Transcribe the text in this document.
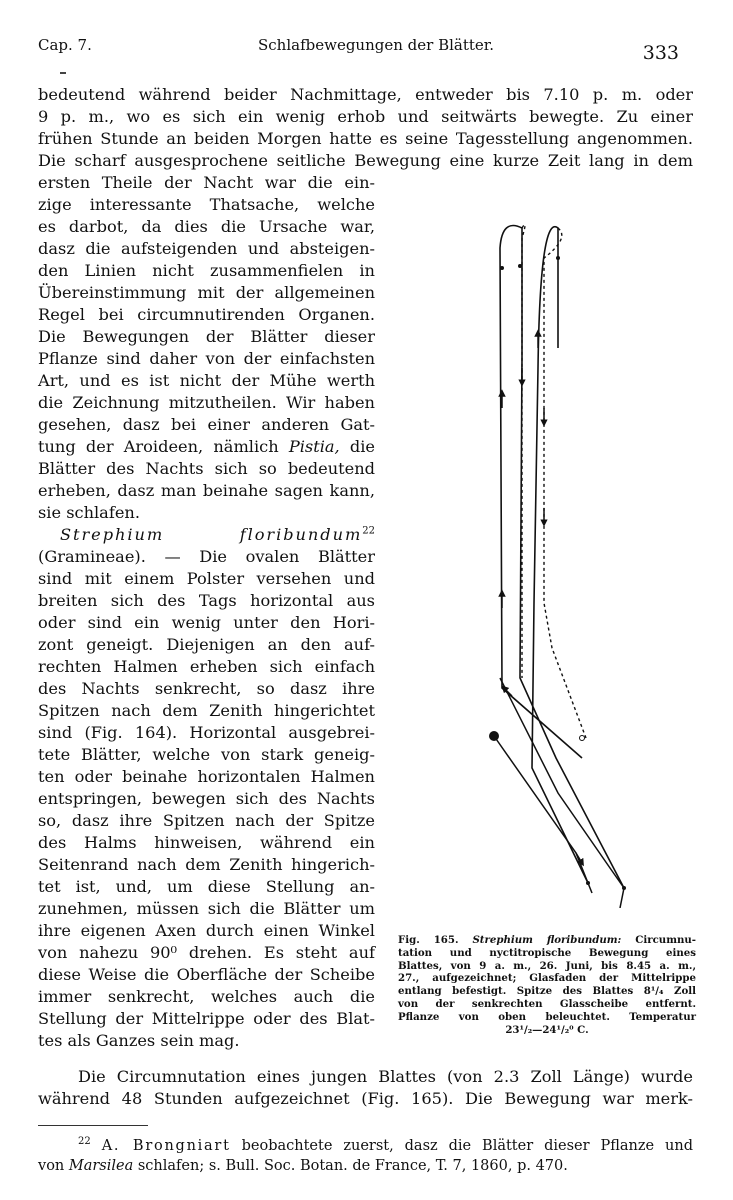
Cap. 7.	Schlafbewegungen der Blätter.	333
bedeutend während beider Nachmittage, entweder bis 7.10 p. m. oder
9 p. m., wo es sich ein wenig erhob und seitwärts bewegte. Zu einer
frühen Stunde an beiden Morgen hatte es seine Tagesstellung angenommen.
Die scharf ausgesprochene seitliche Bewegung eine kurze Zeit lang in dem
ersten Theile der Nacht war die ein-
zige interessante Thatsache, welche
es darbot, da dies die Ursache war,
dasz die aufsteigenden und absteigen-
den Linien nicht zusammenfielen in
Übereinstimmung mit der allgemeinen
Regel bei circumnutirenden Organen.
Die Bewegungen der Blätter dieser
Pflanze sind daher von der einfachsten
Art, und es ist nicht der Mühe werth
die Zeichnung mitzutheilen. Wir haben
gesehen, dasz bei einer anderen Gat-
tung der Aroideen, nämlich Pistia, die
Blätter des Nachts sich so bedeutend
erheben, dasz man beinahe sagen kann,
sie schlafen.
Strephium	floribundum$^{22}$
(Gramineae). — Die ovalen Blätter
sind mit einem Polster versehen und
breiten sich des Tags horizontal aus
oder sind ein wenig unter den Hori-
zont geneigt. Diejenigen an den auf-
rechten Halmen erheben sich einfach
des Nachts senkrecht, so dasz ihre
Spitzen nach dem Zenith hingerichtet
sind (Fig. 164). Horizontal ausgebrei-
tete Blätter, welche von stark geneig-
ten oder beinahe horizontalen Halmen
entspringen, bewegen sich des Nachts
so, dasz ihre Spitzen nach der Spitze
des Halms hinweisen, während ein
Seitenrand nach dem Zenith hingerich-
tet ist, und, um diese Stellung an-
zunehmen, müssen sich die Blätter um
ihre eigenen Axen durch einen Winkel
von nahezu 90⁰ drehen. Es steht auf
diese Weise die Oberfläche der Scheibe
immer senkrecht, welches auch die
Stellung der Mittelrippe oder des Blat-
tes als Ganzes sein mag.
Fig. 165. Strephium floribundum: Circumnu-
tation und nyctitropische Bewegung eines
Blattes, von 9 a. m., 26. Juni, bis 8.45 a. m.,
27., aufgezeichnet; Glasfaden der Mittelrippe
entlang befestigt. Spitze des Blattes 8¹/₄ Zoll
von der senkrechten Glasscheibe entfernt.
Pflanze von oben beleuchtet. Temperatur
23¹/₂—24¹/₂⁰ C.
Die Circumnutation eines jungen Blattes (von 2.3 Zoll Länge) wurde
während 48 Stunden aufgezeichnet (Fig. 165). Die Bewegung war merk-
$^{22}$ A. Brongniart beobachtete zuerst, dasz die Blätter dieser Pflanze und
von Marsilea schlafen; s. Bull. Soc. Botan. de France, T. 7, 1860, p. 470.
